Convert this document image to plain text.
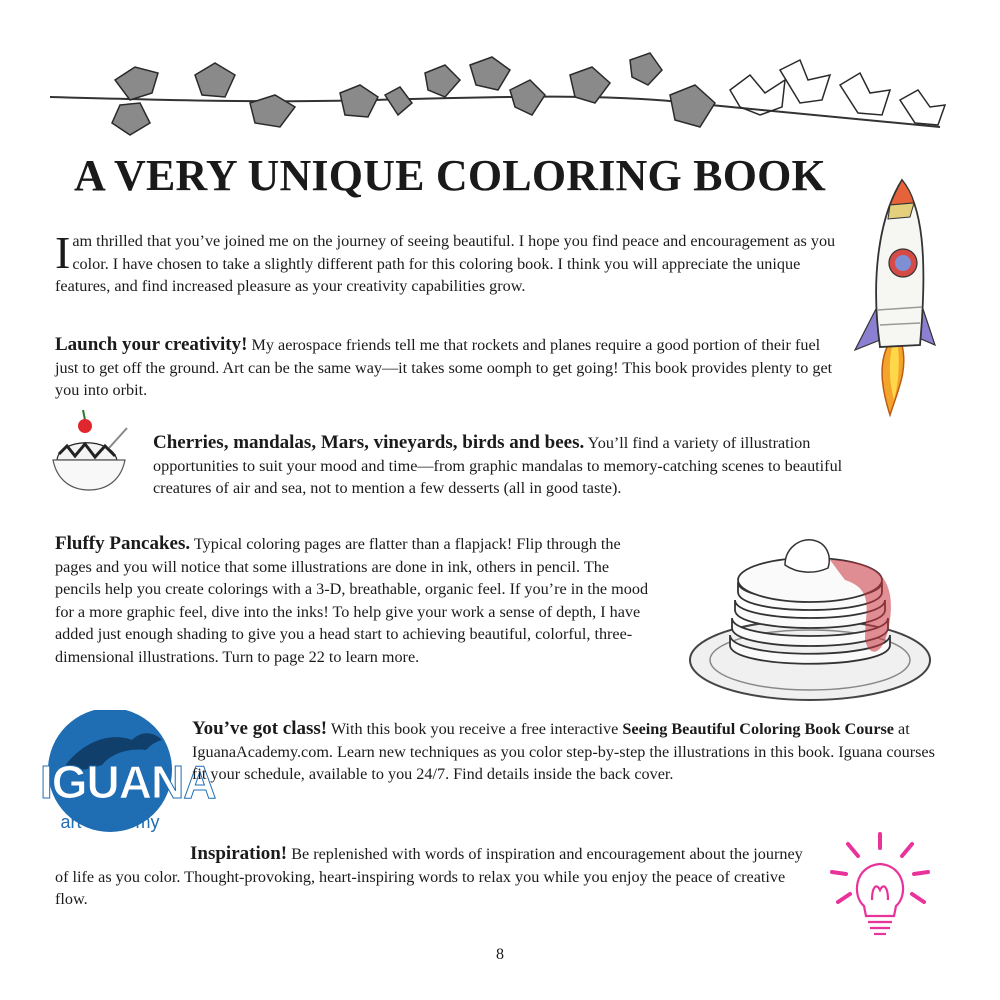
A VERY UNIQUE COLORING BOOK
Iam thrilled that you’ve joined me on the journey of seeing beautiful. I hope you find peace and encouragement as you color. I have chosen to take a slightly different path for this coloring book. I think you will appreciate the unique features, and find increased pleasure as your creativity capabilities grow.
Launch your creativity! My aerospace friends tell me that rockets and planes require a good portion of their fuel just to get off the ground. Art can be the same way—it takes some oomph to get going! This book provides plenty to get you into orbit.
Cherries, mandalas, Mars, vineyards, birds and bees. You’ll find a variety of illustration opportunities to suit your mood and time—from graphic mandalas to memory-catching scenes to beautiful creatures of air and sea, not to mention a few desserts (all in good taste).
Fluffy Pancakes. Typical coloring pages are flatter than a flapjack! Flip through the pages and you will notice that some illustrations are done in ink, others in pencil. The pencils help you create colorings with a 3-D, breathable, organic feel. If you’re in the mood for a more graphic feel, dive into the inks! To help give your work a sense of depth, I have added just enough shading to give you a head start to achieving beautiful, colorful, three-dimensional illustrations. Turn to page 22 to learn more.
IGUANA
art academy
You’ve got class! With this book you receive a free interactive Seeing Beautiful Coloring Book Course at IguanaAcademy.com. Learn new techniques as you color step-by-step the illustrations in this book. Iguana courses fit your schedule, available to you 24/7. Find details inside the back cover.
Inspiration! Be replenished with words of inspiration and encouragement about the journey of life as you color. Thought-provoking, heart-inspiring words to relax you while you enjoy the peace of creative flow.
8
